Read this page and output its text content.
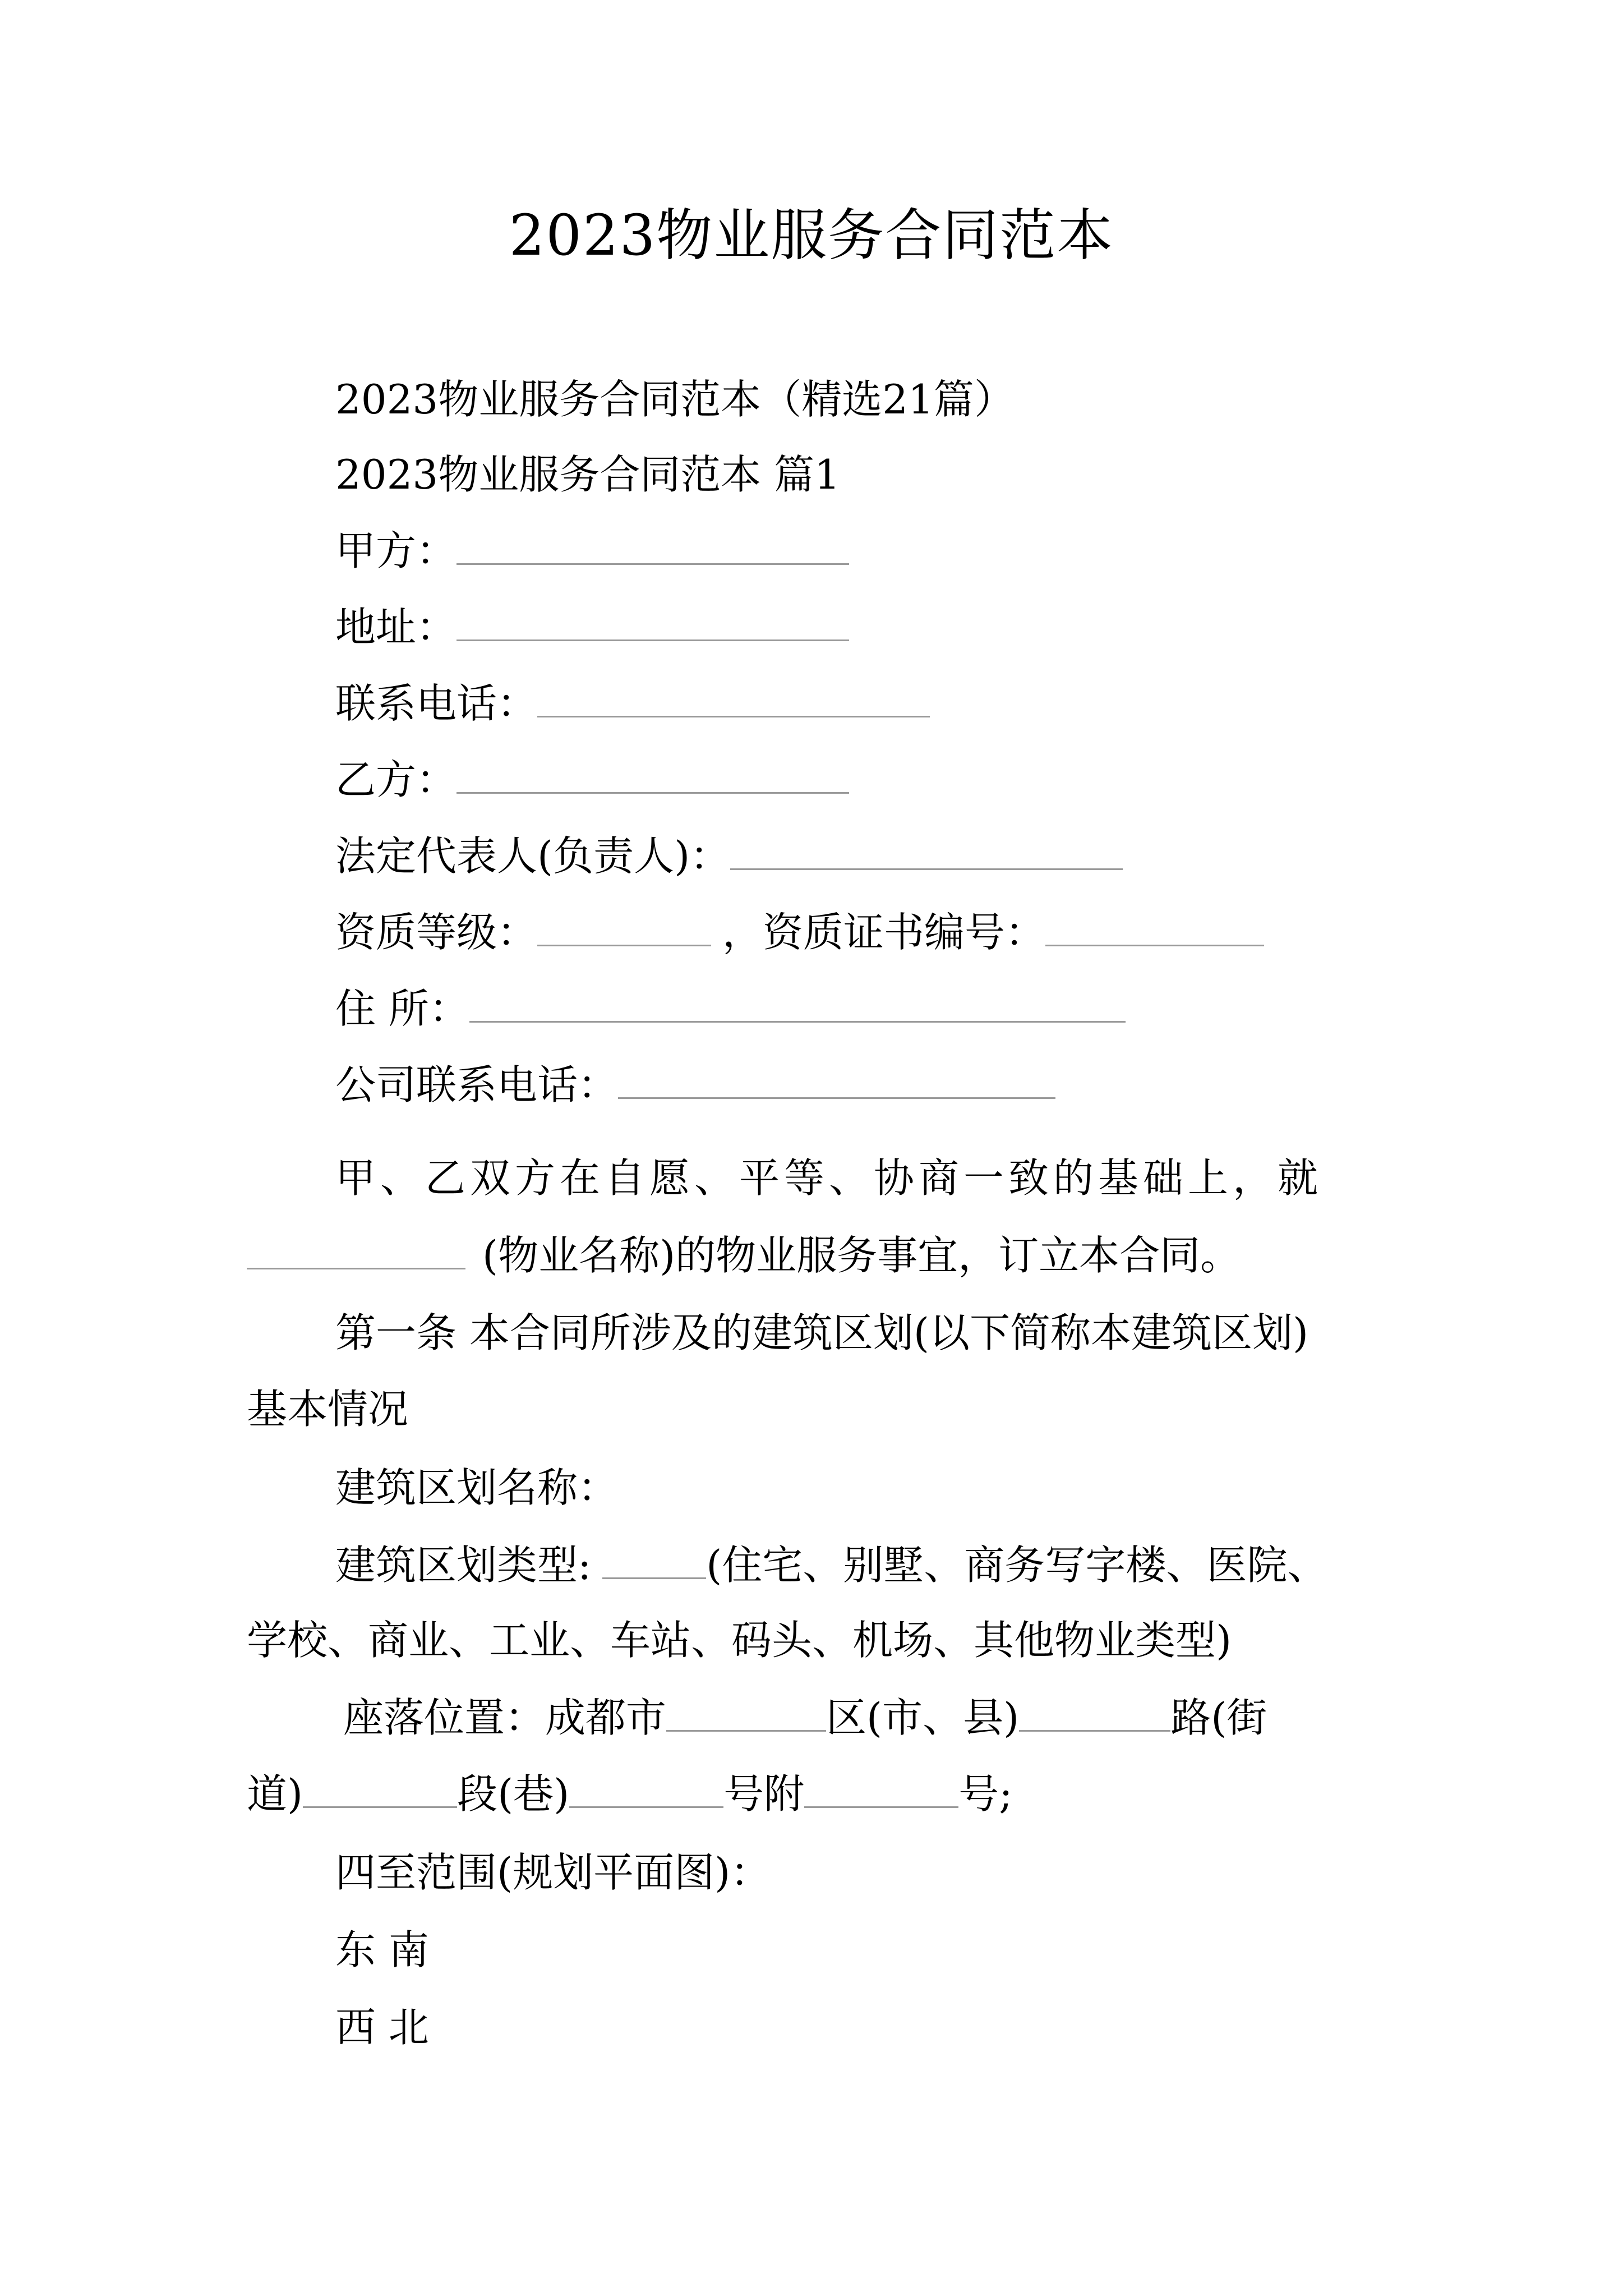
2023物业服务合同范本
2023物业服务合同范本（精选21篇）
2023物业服务合同范本 篇1
甲方：
地址：
联系电话：
乙方：
法定代表人(负责人)：
资质等级：	，资质证书编号：
住 所：
公司联系电话：
甲、乙双方在自愿、平等、协商一致的基础上，就
(物业名称)的物业服务事宜，订立本合同。
第一条 本合同所涉及的建筑区划(以下简称本建筑区划)
基本情况
建筑区划名称：
建筑区划类型:	(住宅、别墅、商务写字楼、医院、
学校、商业、工业、车站、码头、机场、其他物业类型)
座落位置：成都市	区(市、县)	路(街
道)	段(巷)	号附	号;
四至范围(规划平面图)：
东 南
西 北
